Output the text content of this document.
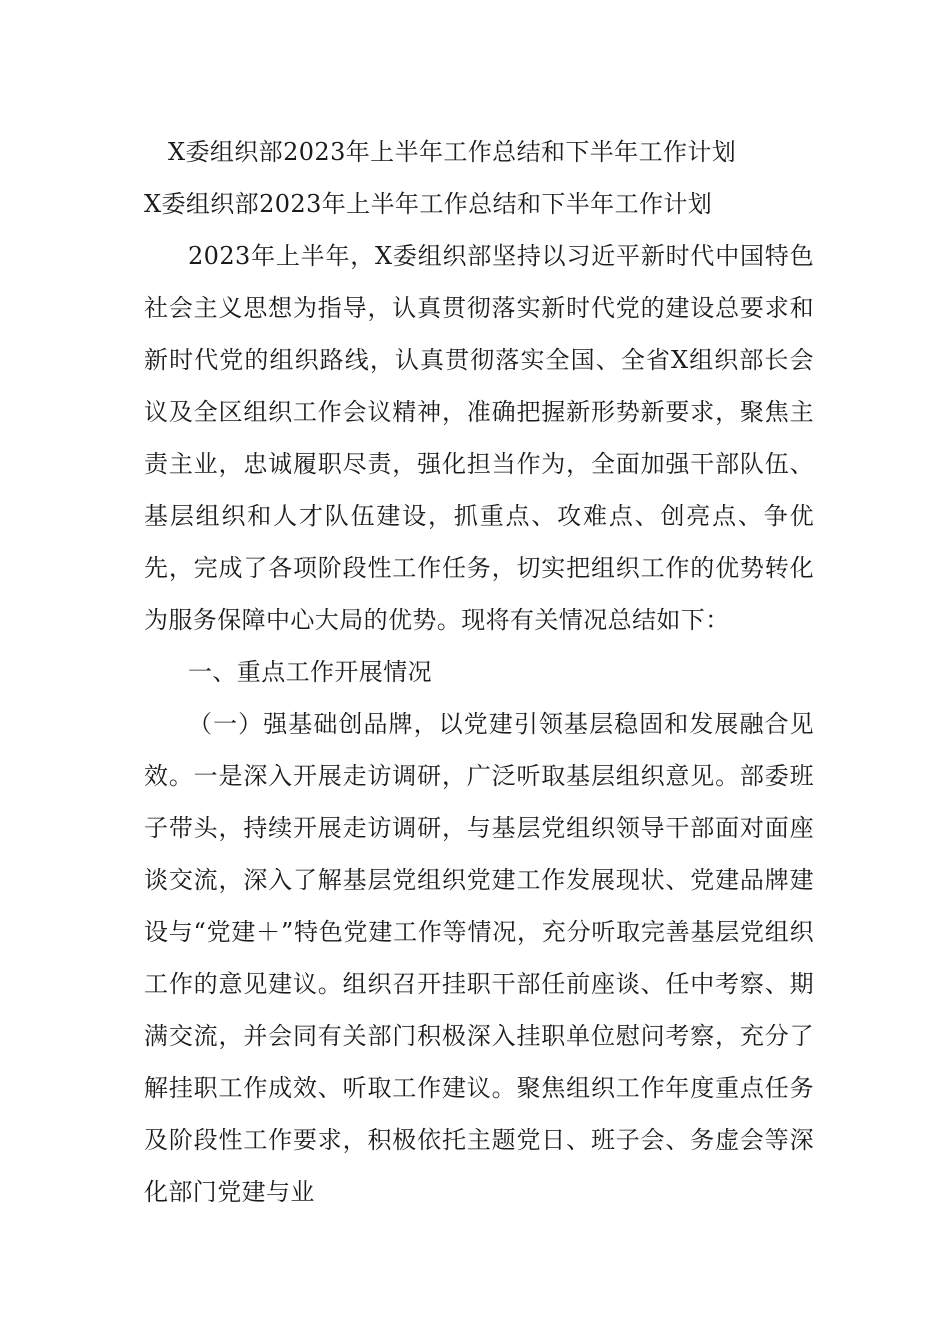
X委组织部2023年上半年工作总结和下半年工作计划
X委组织部2023年上半年工作总结和下半年工作计划

2023年上半年，X委组织部坚持以习近平新时代中国特色社会主义思想为指导，认真贯彻落实新时代党的建设总要求和新时代党的组织路线，认真贯彻落实全国、全省X组织部长会议及全区组织工作会议精神，准确把握新形势新要求，聚焦主责主业，忠诚履职尽责，强化担当作为，全面加强干部队伍、基层组织和人才队伍建设，抓重点、攻难点、创亮点、争优先，完成了各项阶段性工作任务，切实把组织工作的优势转化为服务保障中心大局的优势。现将有关情况总结如下：

一、重点工作开展情况

（一）强基础创品牌，以党建引领基层稳固和发展融合见效。一是深入开展走访调研，广泛听取基层组织意见。部委班子带头，持续开展走访调研，与基层党组织领导干部面对面座谈交流，深入了解基层党组织党建工作发展现状、党建品牌建设与“党建＋”特色党建工作等情况，充分听取完善基层党组织工作的意见建议。组织召开挂职干部任前座谈、任中考察、期满交流，并会同有关部门积极深入挂职单位慰问考察，充分了解挂职工作成效、听取工作建议。聚焦组织工作年度重点任务及阶段性工作要求，积极依托主题党日、班子会、务虚会等深化部门党建与业
